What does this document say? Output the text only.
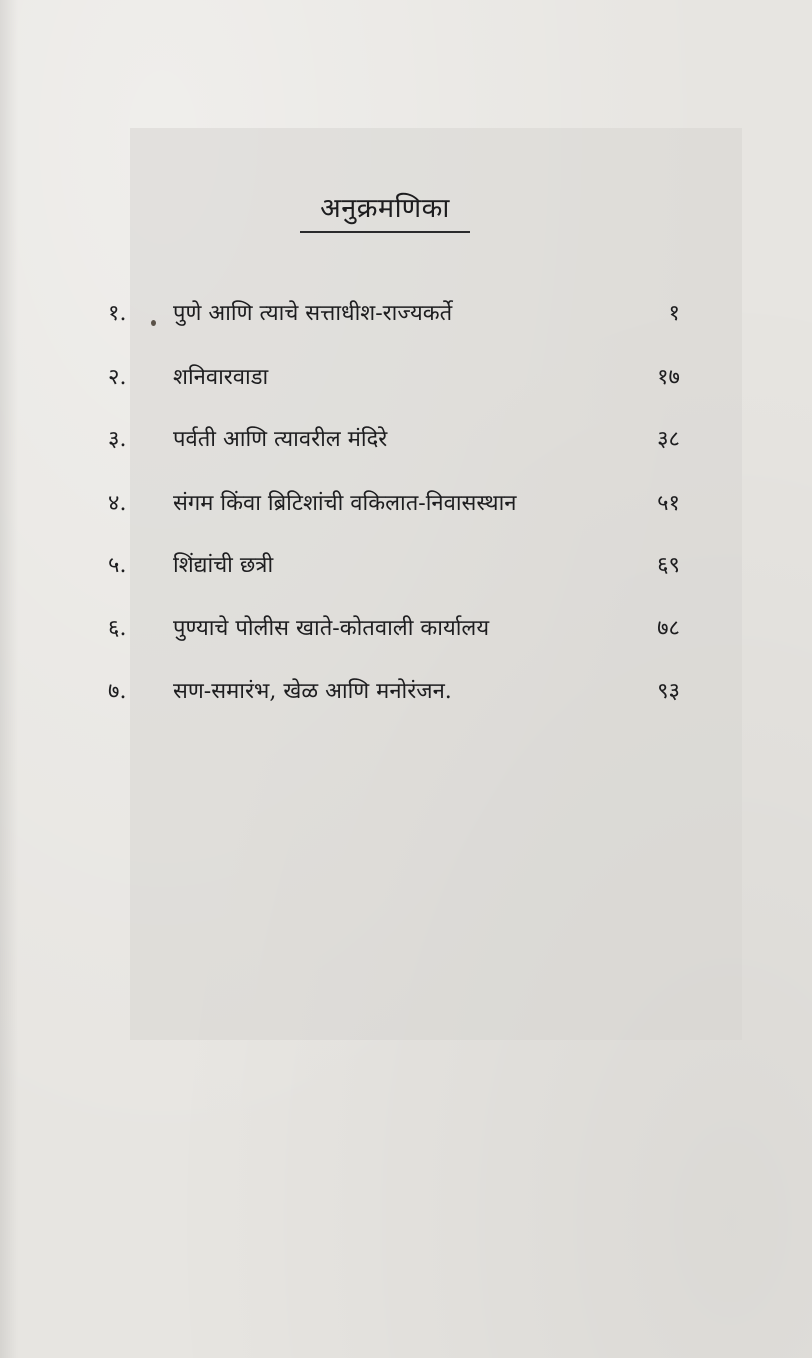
अनुक्रमणिका
१.	पुणे आणि त्याचे सत्ताधीश-राज्यकर्ते	१
२.	शनिवारवाडा	१७
३.	पर्वती आणि त्यावरील मंदिरे	३८
४.	संगम किंवा ब्रिटिशांची वकिलात-निवासस्थान	५१
५.	शिंद्यांची छत्री	६९
६.	पुण्याचे पोलीस खाते-कोतवाली कार्यालय	७८
७.	सण-समारंभ, खेळ आणि मनोरंजन.	९३
